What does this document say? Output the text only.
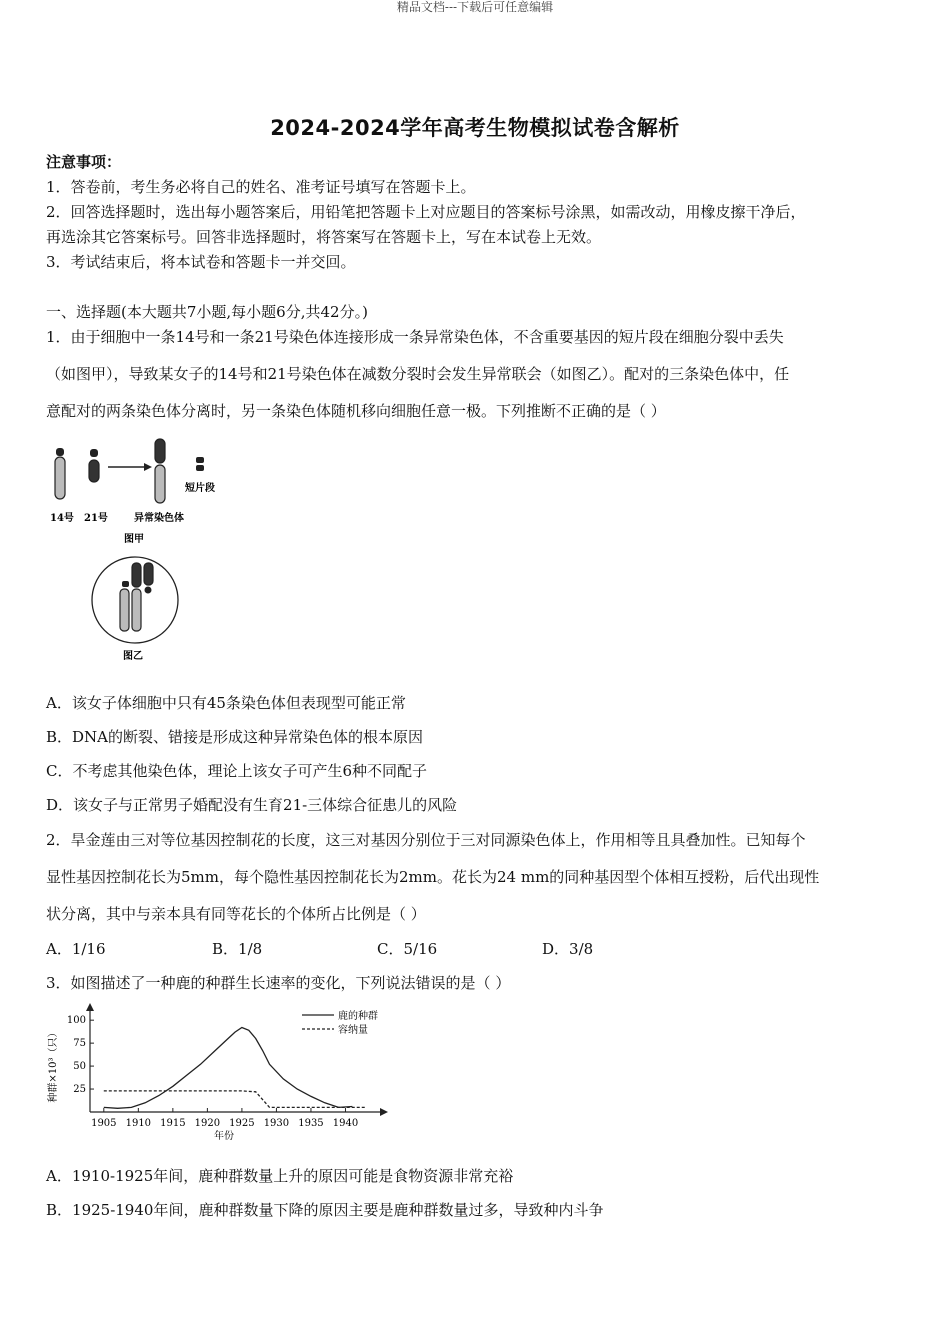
精品文档---下载后可任意编辑
2024-2024学年高考生物模拟试卷含解析
注意事项：
1．答卷前，考生务必将自己的姓名、准考证号填写在答题卡上。
2．回答选择题时，选出每小题答案后，用铅笔把答题卡上对应题目的答案标号涂黑，如需改动，用橡皮擦干净后，
再选涂其它答案标号。回答非选择题时，将答案写在答题卡上，写在本试卷上无效。
3．考试结束后，将本试卷和答题卡一并交回。
一、选择题(本大题共7小题,每小题6分,共42分。)
1．由于细胞中一条14号和一条21号染色体连接形成一条异常染色体，不含重要基因的短片段在细胞分裂中丢失
（如图甲），导致某女子的14号和21号染色体在减数分裂时会发生异常联会（如图乙）。配对的三条染色体中，任
意配对的两条染色体分离时，另一条染色体随机移向细胞任意一极。下列推断不正确的是（ ）
短片段
14号 21号	异常染色体
图甲
图乙
A．该女子体细胞中只有45条染色体但表现型可能正常
B．DNA的断裂、错接是形成这种异常染色体的根本原因
C．不考虑其他染色体，理论上该女子可产生6种不同配子
D．该女子与正常男子婚配没有生育21-三体综合征患儿的风险
2．旱金莲由三对等位基因控制花的长度，这三对基因分别位于三对同源染色体上，作用相等且具叠加性。已知每个
显性基因控制花长为5mm，每个隐性基因控制花长为2mm。花长为24 mm的同种基因型个体相互授粉，后代出现性
状分离，其中与亲本具有同等花长的个体所占比例是（ ）
A．1/16	B．1/8	C．5/16	D．3/8
3．如图描述了一种鹿的种群生长速率的变化，下列说法错误的是（ ）
1905 1910 1915 1920 1925 1930 1935 1940
25
50
75
100
种群×10³（只）
年份
鹿的种群
容纳量
A．1910-1925年间，鹿种群数量上升的原因可能是食物资源非常充裕
B．1925-1940年间，鹿种群数量下降的原因主要是鹿种群数量过多，导致种内斗争
